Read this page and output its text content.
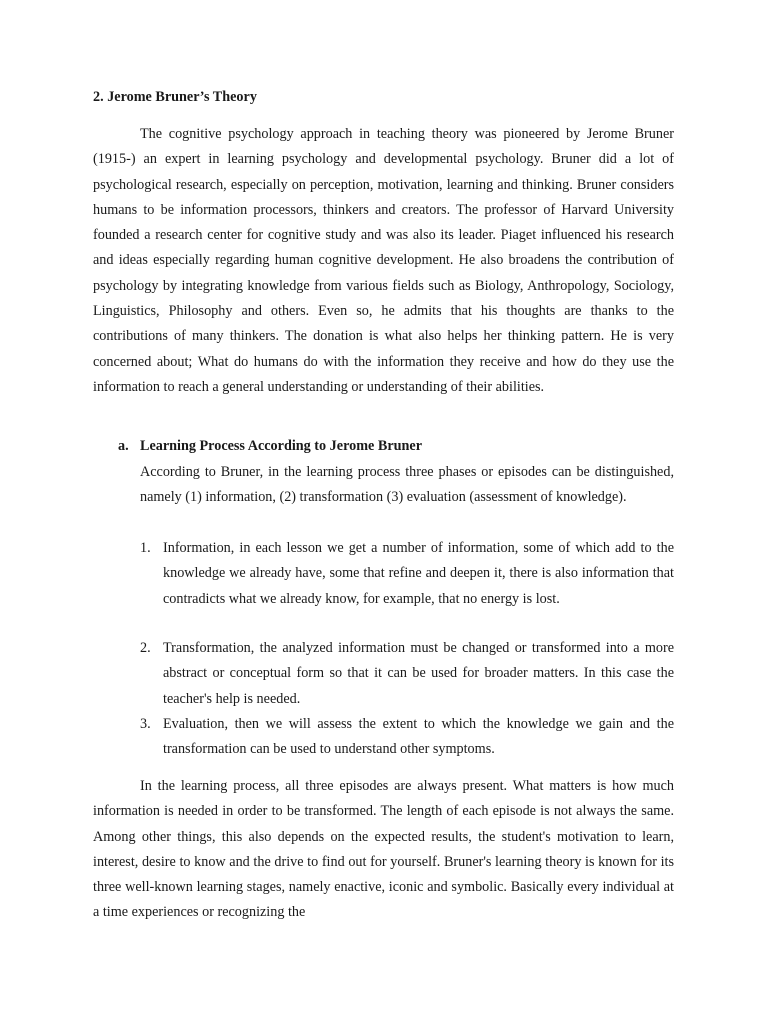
2. Jerome Bruner’s Theory

The cognitive psychology approach in teaching theory was pioneered by Jerome Bruner (1915-) an expert in learning psychology and developmental psychology. Bruner did a lot of psychological research, especially on perception, motivation, learning and thinking. Bruner considers humans to be information processors, thinkers and creators. The professor of Harvard University founded a research center for cognitive study and was also its leader. Piaget influenced his research and ideas especially regarding human cognitive development. He also broadens the contribution of psychology by integrating knowledge from various fields such as Biology, Anthropology, Sociology, Linguistics, Philosophy and others. Even so, he admits that his thoughts are thanks to the contributions of many thinkers. The donation is what also helps her thinking pattern. He is very concerned about; What do humans do with the information they receive and how do they use the information to reach a general understanding or understanding of their abilities.

a. Learning Process According to Jerome Bruner

According to Bruner, in the learning process three phases or episodes can be distinguished, namely (1) information, (2) transformation (3) evaluation (assessment of knowledge).

1. Information, in each lesson we get a number of information, some of which add to the knowledge we already have, some that refine and deepen it, there is also information that contradicts what we already know, for example, that no energy is lost.
2. Transformation, the analyzed information must be changed or transformed into a more abstract or conceptual form so that it can be used for broader matters. In this case the teacher's help is needed.
3. Evaluation, then we will assess the extent to which the knowledge we gain and the transformation can be used to understand other symptoms.

In the learning process, all three episodes are always present. What matters is how much information is needed in order to be transformed. The length of each episode is not always the same. Among other things, this also depends on the expected results, the student's motivation to learn, interest, desire to know and the drive to find out for yourself. Bruner's learning theory is known for its three well-known learning stages, namely enactive, iconic and symbolic. Basically every individual at a time experiences or recognizing the
